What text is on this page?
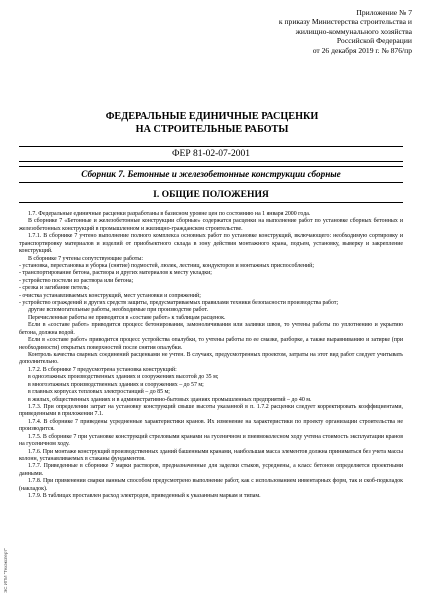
Приложение № 7
к приказу Министерства строительства и
жилищно-коммунального хозяйства
Российской Федерации
от 26 декабря 2019 г. № 876/пр
ФЕДЕРАЛЬНЫЕ ЕДИНИЧНЫЕ РАСЦЕНКИ
НА СТРОИТЕЛЬНЫЕ РАБОТЫ
ФЕР 81-02-07-2001
Сборник 7. Бетонные и железобетонные конструкции сборные
I. ОБЩИЕ ПОЛОЖЕНИЯ

1.7. Федеральные единичные расценки разработаны в базисном уровне цен по состоянию на 1 января 2000 года.

В сборнике 7 «Бетонные и железобетонные конструкции сборные» содержатся расценки на выполнение работ по установке сборных бетонных и железобетонных конструкций в промышленном и жилищно-гражданском строительстве.

1.7.1. В сборнике 7 учтено выполнение полного комплекса основных работ по установке конструкций, включающего: необходимую сортировку и транспортировку материалов и изделий от приобъектного склада в зону действия монтажного крана, подъем, установку, выверку и закрепление конструкций.

В сборнике 7 учтены сопутствующие работы:

- установка, перестановка и уборка (снятие) подмостей, люлек, лестниц, кондукторов и монтажных приспособлений;

- транспортирование бетона, раствора и других материалов к месту укладки;

- устройство постели из раствора или бетона;

- срезка и загибание петель;

- очистка устанавливаемых конструкций, мест установки и сопряжений;

- устройство ограждений и других средств защиты, предусматриваемых правилами техники безопасности производства работ;

другие вспомогательные работы, необходимые при производстве работ.

Перечисленные работы не приводятся в «составе работ» к таблицам расценок.

Если в «составе работ» приводится процесс бетонирования, замоноличивания или заливки швов, то учтены работы по уплотнению и укрытию бетона, должна водой.

Если в «составе работ» приводится процесс устройства опалубки, то учтены работы по ее смазке, разборке, а также выравниванию и затирке (при необходимости) открытых поверхностей после снятия опалубки.

Контроль качества сварных соединений расценками не учтен. В случаях, предусмотренных проектом, затраты на этот вид работ следует учитывать дополнительно.

1.7.2. В сборнике 7 предусмотрена установка конструкций:

в одноэтажных производственных зданиях и сооружениях высотой до 35 м;

в многоэтажных производственных зданиях и сооружениях – до 57 м;

в главных корпусах тепловых электростанций – до 85 м;

в жилых, общественных зданиях и в административно-бытовых зданиях промышленных предприятий – до 40 м.

1.7.3. При определении затрат на установку конструкций свыше высоты указанной в п. 1.7.2 расценки следует корректировать коэффициентами, приведенными в приложении 7.1.

1.7.4. В сборнике 7 приведены усредненные характеристики кранов. Их изменение на характеристики по проекту организации строительства не производится.

1.7.5. В сборнике 7 при установке конструкций стреловыми кранами на гусеничном и пневмоколесном ходу учтена стоимость эксплуатации кранов на гусеничном ходу.

1.7.6. При монтаже конструкций производственных зданий башенными кранами, наибольшая масса элементов должна приниматься без учета массы колонн, устанавливаемых в стаканы фундаментов.

1.7.7. Приведенные в сборнике 7 марки растворов, предназначенные для заделки стыков, усреднены, а класс бетонов определяется проектными данными.

1.7.8. При применении сварки ванным способом предусмотрено выполнение работ, как с использованием инвентарных форм, так и скоб-подкладок (накладок).

1.7.9. В таблицах проставлен расход электродов, приведенный к указанным маркам и типам.

ЭС ИПИ "Техэксперт"
